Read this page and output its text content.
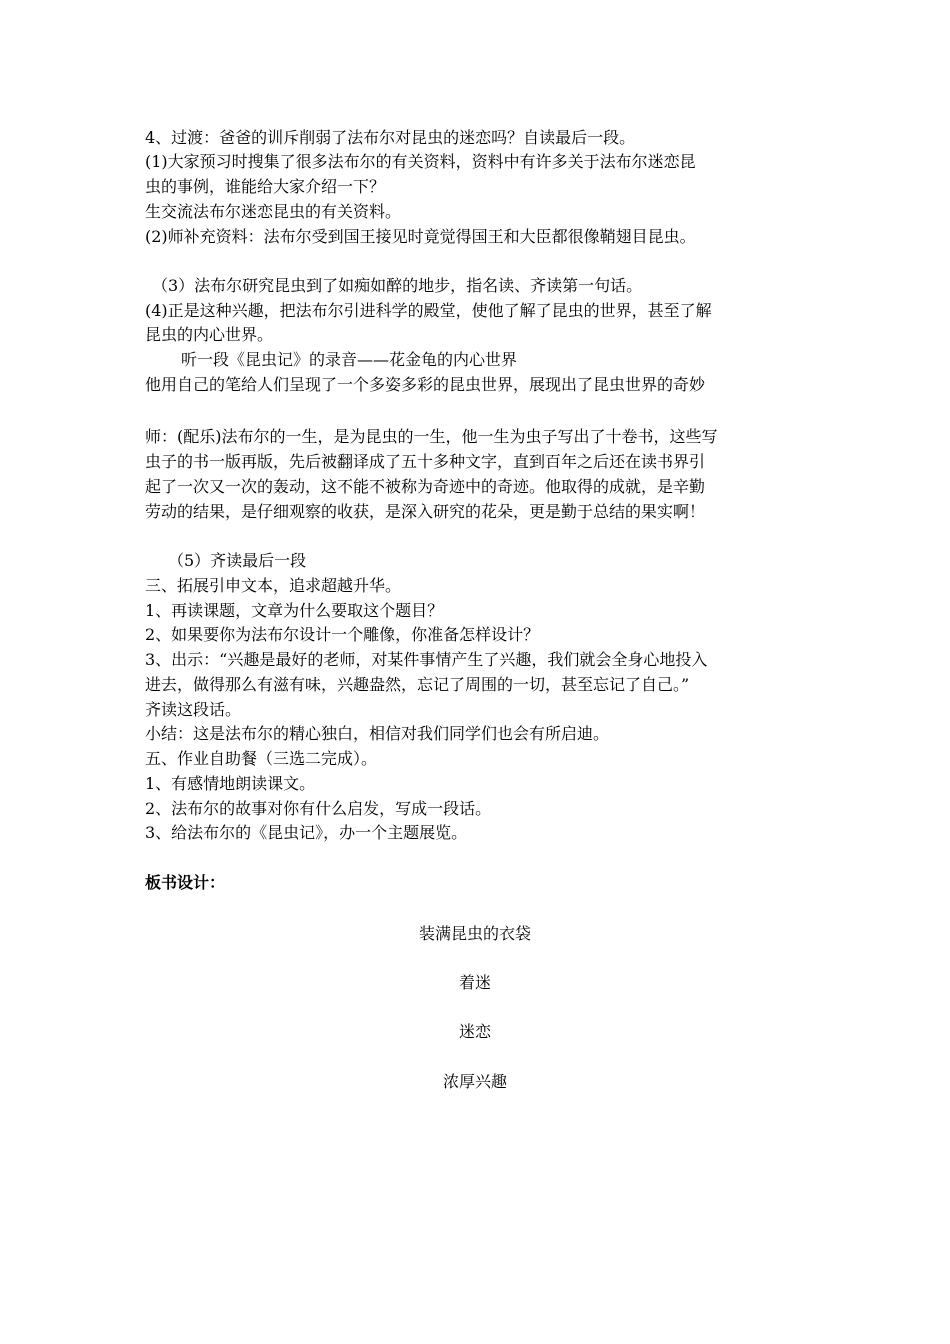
4、过渡：爸爸的训斥削弱了法布尔对昆虫的迷恋吗？自读最后一段。
(1)大家预习时搜集了很多法布尔的有关资料，资料中有许多关于法布尔迷恋昆
虫的事例，谁能给大家介绍一下？
生交流法布尔迷恋昆虫的有关资料。
(2)师补充资料：法布尔受到国王接见时竟觉得国王和大臣都很像鞘翅目昆虫。
（3）法布尔研究昆虫到了如痴如醉的地步，指名读、齐读第一句话。
(4)正是这种兴趣，把法布尔引进科学的殿堂，使他了解了昆虫的世界，甚至了解
昆虫的内心世界。
听一段《昆虫记》的录音——花金龟的内心世界
他用自己的笔给人们呈现了一个多姿多彩的昆虫世界，展现出了昆虫世界的奇妙
师：(配乐)法布尔的一生，是为昆虫的一生，他一生为虫子写出了十卷书，这些写
虫子的书一版再版，先后被翻译成了五十多种文字，直到百年之后还在读书界引
起了一次又一次的轰动，这不能不被称为奇迹中的奇迹。他取得的成就，是辛勤
劳动的结果，是仔细观察的收获，是深入研究的花朵，更是勤于总结的果实啊！
（5）齐读最后一段
三、拓展引申文本，追求超越升华。
1、再读课题，文章为什么要取这个题目？
2、如果要你为法布尔设计一个雕像，你准备怎样设计？
3、出示：“兴趣是最好的老师，对某件事情产生了兴趣，我们就会全身心地投入
进去，做得那么有滋有味，兴趣盎然，忘记了周围的一切，甚至忘记了自己。”
齐读这段话。
小结：这是法布尔的精心独白，相信对我们同学们也会有所启迪。
五、作业自助餐（三选二完成）。
1、有感情地朗读课文。
2、法布尔的故事对你有什么启发，写成一段话。
3、给法布尔的《昆虫记》，办一个主题展览。
板书设计：
装满昆虫的衣袋
着迷
迷恋
浓厚兴趣
